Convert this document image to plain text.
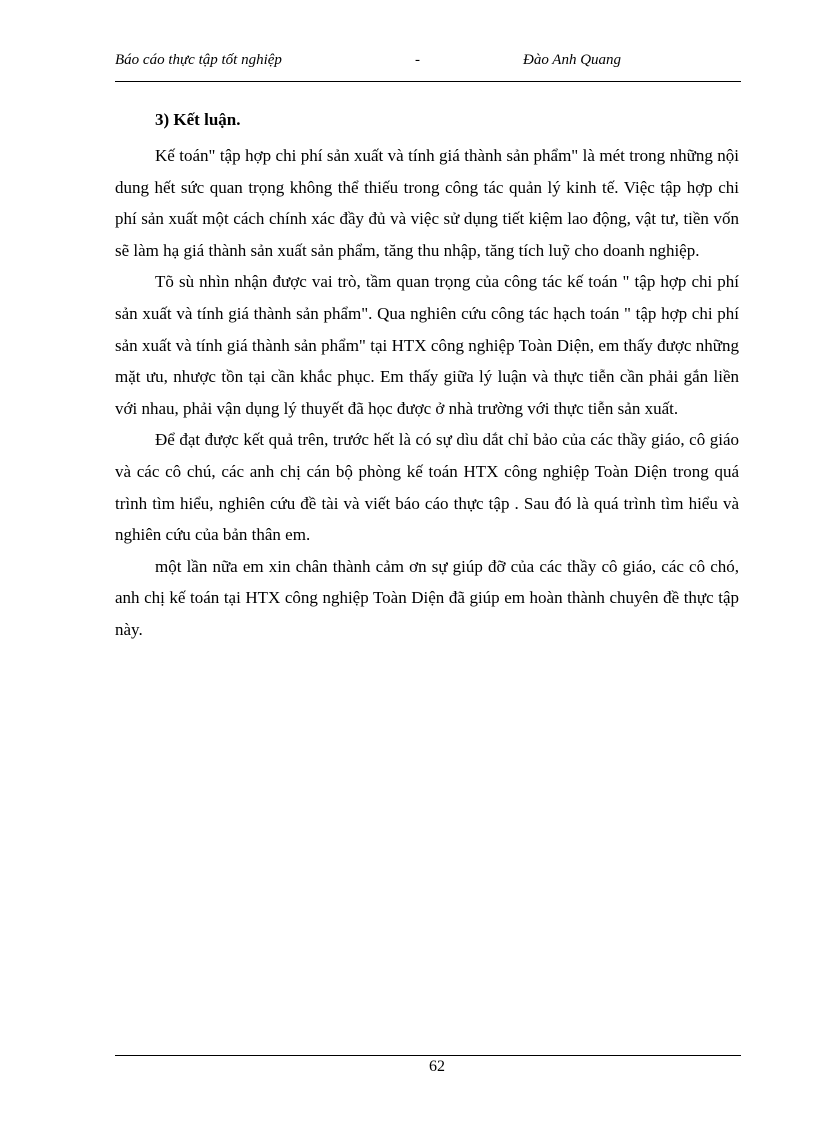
Báo cáo thực tập tốt nghiệp	-	Đào Anh Quang
3) Kết luận.

Kế toán" tập hợp chi phí sản xuất và tính giá thành sản phẩm" là mét trong những nội dung hết sức quan trọng không thể thiếu trong công tác quản lý kinh tế. Việc tập hợp chi phí sản xuất một cách chính xác đầy đủ và việc sử dụng tiết kiệm lao động, vật tư, tiền vốn sẽ làm hạ giá thành sản xuất sản phẩm, tăng thu nhập, tăng tích luỹ cho doanh nghiệp.

Tõ sù nhìn nhận được vai trò, tầm quan trọng của công tác kế toán " tập hợp chi phí sản xuất và tính giá thành sản phẩm". Qua nghiên cứu công tác hạch toán " tập hợp chi phí sản xuất và tính giá thành sản phẩm" tại HTX công nghiệp Toàn Diện, em thấy được những mặt ưu, nhược tồn tại cần khắc phục. Em thấy giữa lý luận và thực tiễn cần phải gắn liền với nhau, phải vận dụng lý thuyết đã học được ở nhà trường với thực tiễn sản xuất.

Để đạt được kết quả trên, trước hết là có sự dìu dắt chỉ bảo của các thầy giáo, cô giáo và các cô chú, các anh chị cán bộ phòng kế toán HTX công nghiệp Toàn Diện trong quá trình tìm hiểu, nghiên cứu đề tài và viết báo cáo thực tập . Sau đó là quá trình tìm hiểu và nghiên cứu của bản thân em.

một lần nữa em xin chân thành cảm ơn sự giúp đỡ của các thầy cô giáo, các cô chó, anh chị kế toán tại HTX công nghiệp Toàn Diện đã giúp em hoàn thành chuyên đề thực tập này.

62
